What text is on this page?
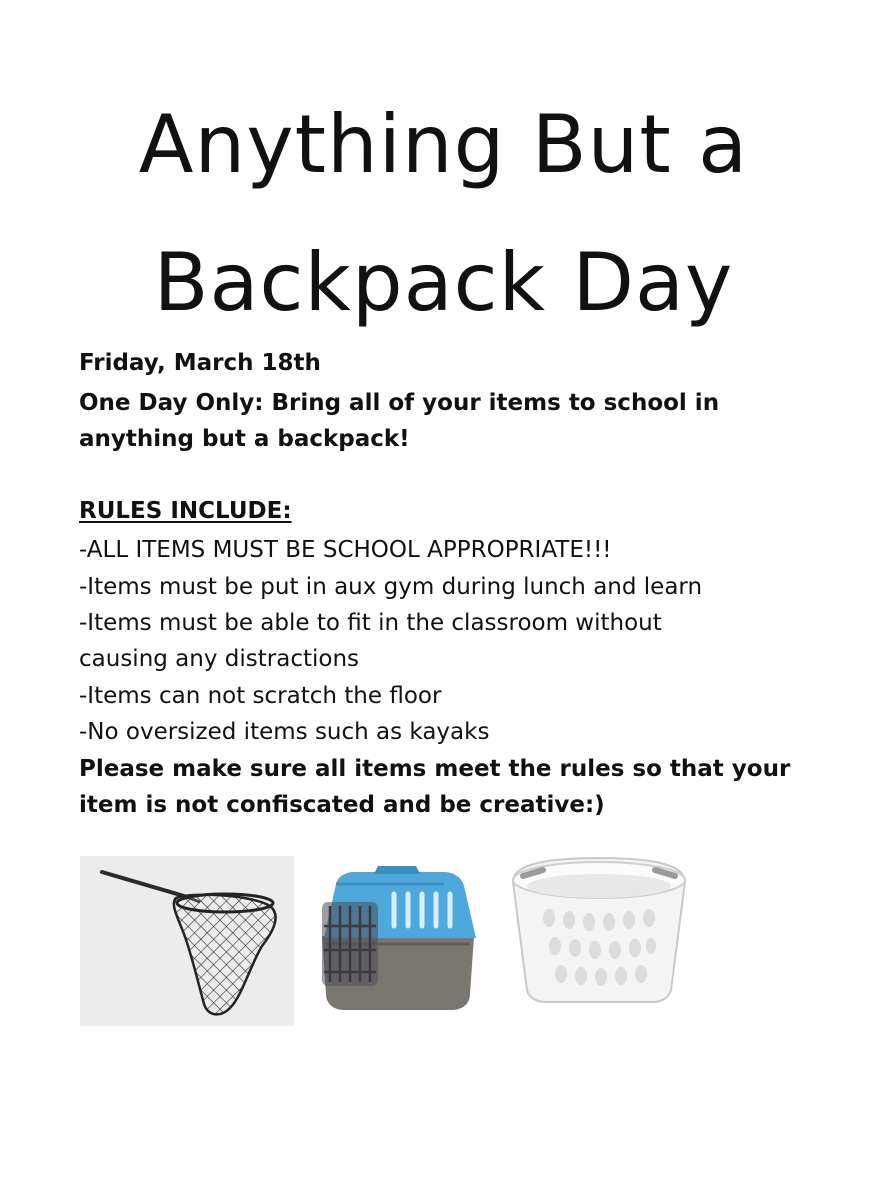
Anything But a
Backpack Day
Friday, March 18th
One Day Only: Bring all of your items to school in
anything but a backpack!
RULES INCLUDE:
-ALL ITEMS MUST BE SCHOOL APPROPRIATE!!!
-Items must be put in aux gym during lunch and learn
-Items must be able to fit in the classroom without
causing any distractions
-Items can not scratch the floor
-No oversized items such as kayaks
Please make sure all items meet the rules so that your
item is not confiscated and be creative:)
